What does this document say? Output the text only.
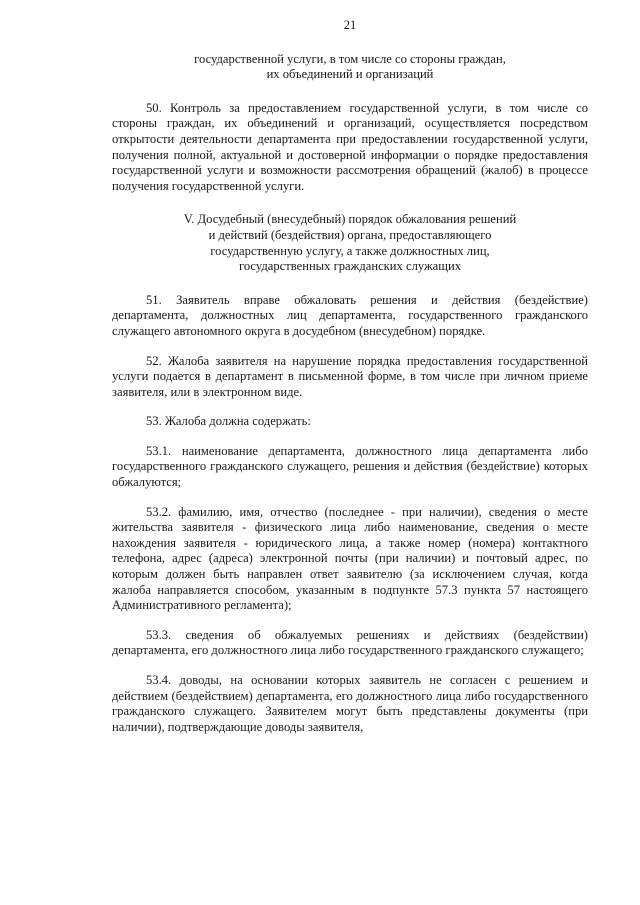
21
государственной услуги, в том числе со стороны граждан,
их объединений и организаций

50. Контроль за предоставлением государственной услуги, в том числе со стороны граждан, их объединений и организаций, осуществляется посредством открытости деятельности департамента при предоставлении государственной услуги, получения полной, актуальной и достоверной информации о порядке предоставления государственной услуги и возможности рассмотрения обращений (жалоб) в процессе получения государственной услуги.

V. Досудебный (внесудебный) порядок обжалования решений
и действий (бездействия) органа, предоставляющего
государственную услугу, а также должностных лиц,
государственных гражданских служащих

51. Заявитель вправе обжаловать решения и действия (бездействие) департамента, должностных лиц департамента, государственного гражданского служащего автономного округа в досудебном (внесудебном) порядке.

52. Жалоба заявителя на нарушение порядка предоставления государственной услуги подается в департамент в письменной форме, в том числе при личном приеме заявителя, или в электронном виде.

53. Жалоба должна содержать:

53.1. наименование департамента, должностного лица департамента либо государственного гражданского служащего, решения и действия (бездействие) которых обжалуются;

53.2. фамилию, имя, отчество (последнее - при наличии), сведения о месте жительства заявителя - физического лица либо наименование, сведения о месте нахождения заявителя - юридического лица, а также номер (номера) контактного телефона, адрес (адреса) электронной почты (при наличии) и почтовый адрес, по которым должен быть направлен ответ заявителю (за исключением случая, когда жалоба направляется способом, указанным в подпункте 57.3 пункта 57 настоящего Административного регламента);

53.3. сведения об обжалуемых решениях и действиях (бездействии) департамента, его должностного лица либо государственного гражданского служащего;

53.4. доводы, на основании которых заявитель не согласен с решением и действием (бездействием) департамента, его должностного лица либо государственного гражданского служащего. Заявителем могут быть представлены документы (при наличии), подтверждающие доводы заявителя,
